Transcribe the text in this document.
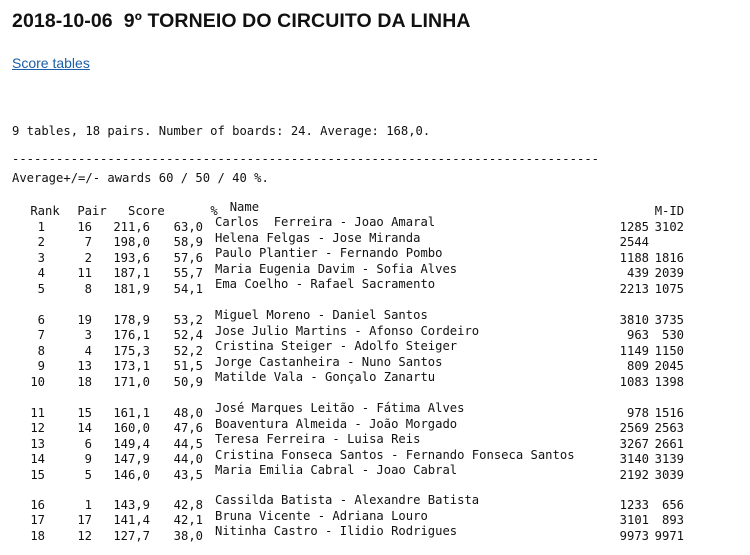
2018-10-06  9º TORNEIO DO CIRCUITO DA LINHA
Score tables

9 tables, 18 pairs. Number of boards: 24. Average: 168,0.

Average+/=/- awards 60 / 50 / 40 %.

--------------------------------------------------------------------------------

Rank Pair Score	% Name	M-ID

1	16 211,6 63,0 Carlos  Ferreira - Joao Amaral	1285 3102
2	7 198,0 58,9 Helena Felgas - Jose Miranda	2544
3	2 193,6 57,6 Paulo Plantier - Fernando Pombo	1188 1816
4	11 187,1 55,7 Maria Eugenia Davim - Sofia Alves	439 2039
5	8 181,9 54,1 Ema Coelho - Rafael Sacramento	2213 1075
6	19 178,9 53,2 Miguel Moreno - Daniel Santos	3810 3735
7	3 176,1 52,4 Jose Julio Martins - Afonso Cordeiro	963 530
8	4 175,3 52,2 Cristina Steiger - Adolfo Steiger	1149 1150
9	13 173,1 51,5 Jorge Castanheira - Nuno Santos	809 2045
10	18 171,0 50,9 Matilde Vala - Gonçalo Zanartu	1083 1398
11	15 161,1 48,0 José Marques Leitão - Fátima Alves	978 1516
12	14 160,0 47,6 Boaventura Almeida - João Morgado	2569 2563
13	6 149,4 44,5 Teresa Ferreira - Luisa Reis	3267 2661
14	9 147,9 44,0 Cristina Fonseca Santos - Fernando Fonseca Santos	3140 3139
15	5 146,0 43,5 Maria Emilia Cabral - Joao Cabral	2192 3039
16	1 143,9 42,8 Cassilda Batista - Alexandre Batista	1233 656
17	17 141,4 42,1 Bruna Vicente - Adriana Louro	3101 893
18	12 127,7 38,0 Nitinha Castro - Ilidio Rodrigues	9973 9971
